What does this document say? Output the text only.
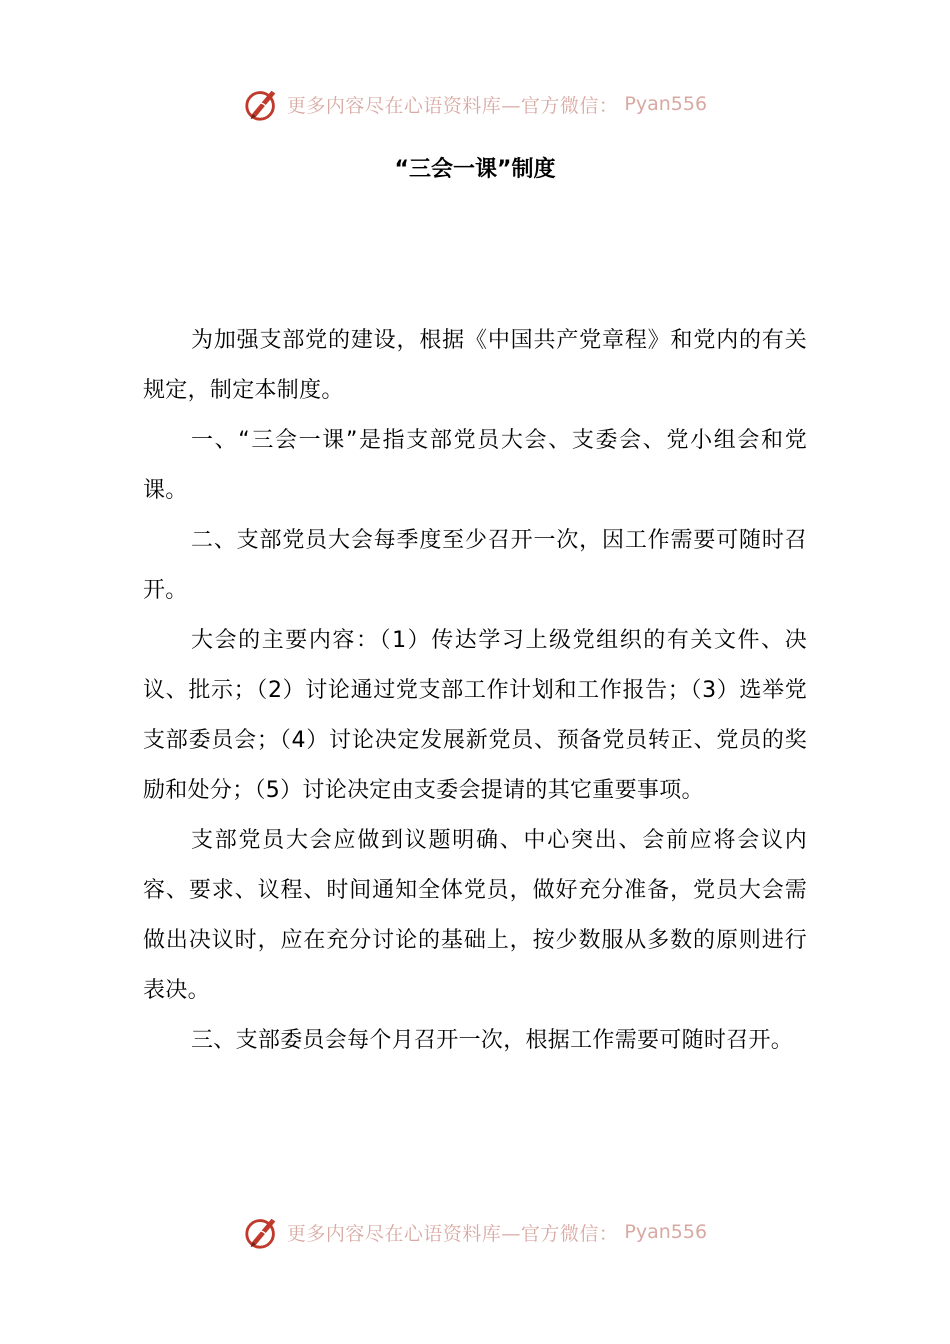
更多内容尽在心语资料库—官方微信： Pyan556
“三会一课”制度

为加强支部党的建设，根据《中国共产党章程》和党内的有关规定，制定本制度。

一、“三会一课”是指支部党员大会、支委会、党小组会和党课。

二、支部党员大会每季度至少召开一次，因工作需要可随时召开。

大会的主要内容：（1）传达学习上级党组织的有关文件、决议、批示；（2）讨论通过党支部工作计划和工作报告；（3）选举党支部委员会；（4）讨论决定发展新党员、预备党员转正、党员的奖励和处分；（5）讨论决定由支委会提请的其它重要事项。

支部党员大会应做到议题明确、中心突出、会前应将会议内容、要求、议程、时间通知全体党员，做好充分准备，党员大会需做出决议时，应在充分讨论的基础上，按少数服从多数的原则进行表决。

三、支部委员会每个月召开一次，根据工作需要可随时召开。

更多内容尽在心语资料库—官方微信： Pyan556
